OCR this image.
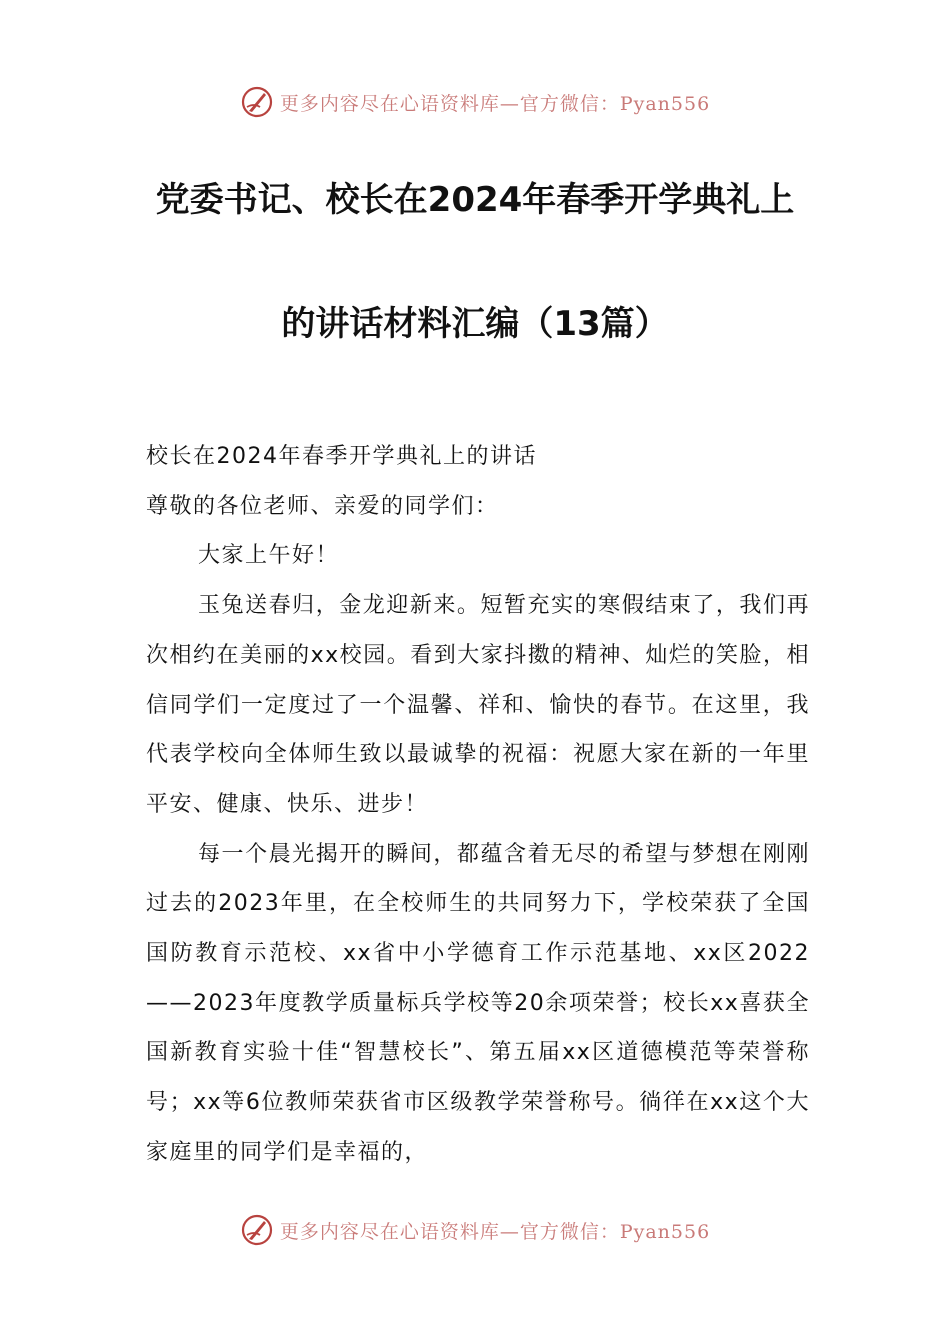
更多内容尽在心语资料库—官方微信：Pyan556
党委书记、校长在2024年春季开学典礼上
的讲话材料汇编（13篇）

校长在2024年春季开学典礼上的讲话

尊敬的各位老师、亲爱的同学们：

大家上午好！

玉兔送春归，金龙迎新来。短暂充实的寒假结束了，我们再次相约在美丽的xx校园。看到大家抖擞的精神、灿烂的笑脸，相信同学们一定度过了一个温馨、祥和、愉快的春节。在这里，我代表学校向全体师生致以最诚挚的祝福：祝愿大家在新的一年里平安、健康、快乐、进步！

每一个晨光揭开的瞬间，都蕴含着无尽的希望与梦想在刚刚过去的2023年里，在全校师生的共同努力下，学校荣获了全国国防教育示范校、xx省中小学德育工作示范基地、xx区2022——2023年度教学质量标兵学校等20余项荣誉；校长xx喜获全国新教育实验十佳“智慧校长”、第五届xx区道德模范等荣誉称号；xx等6位教师荣获省市区级教学荣誉称号。徜徉在xx这个大家庭里的同学们是幸福的，

更多内容尽在心语资料库—官方微信：Pyan556
